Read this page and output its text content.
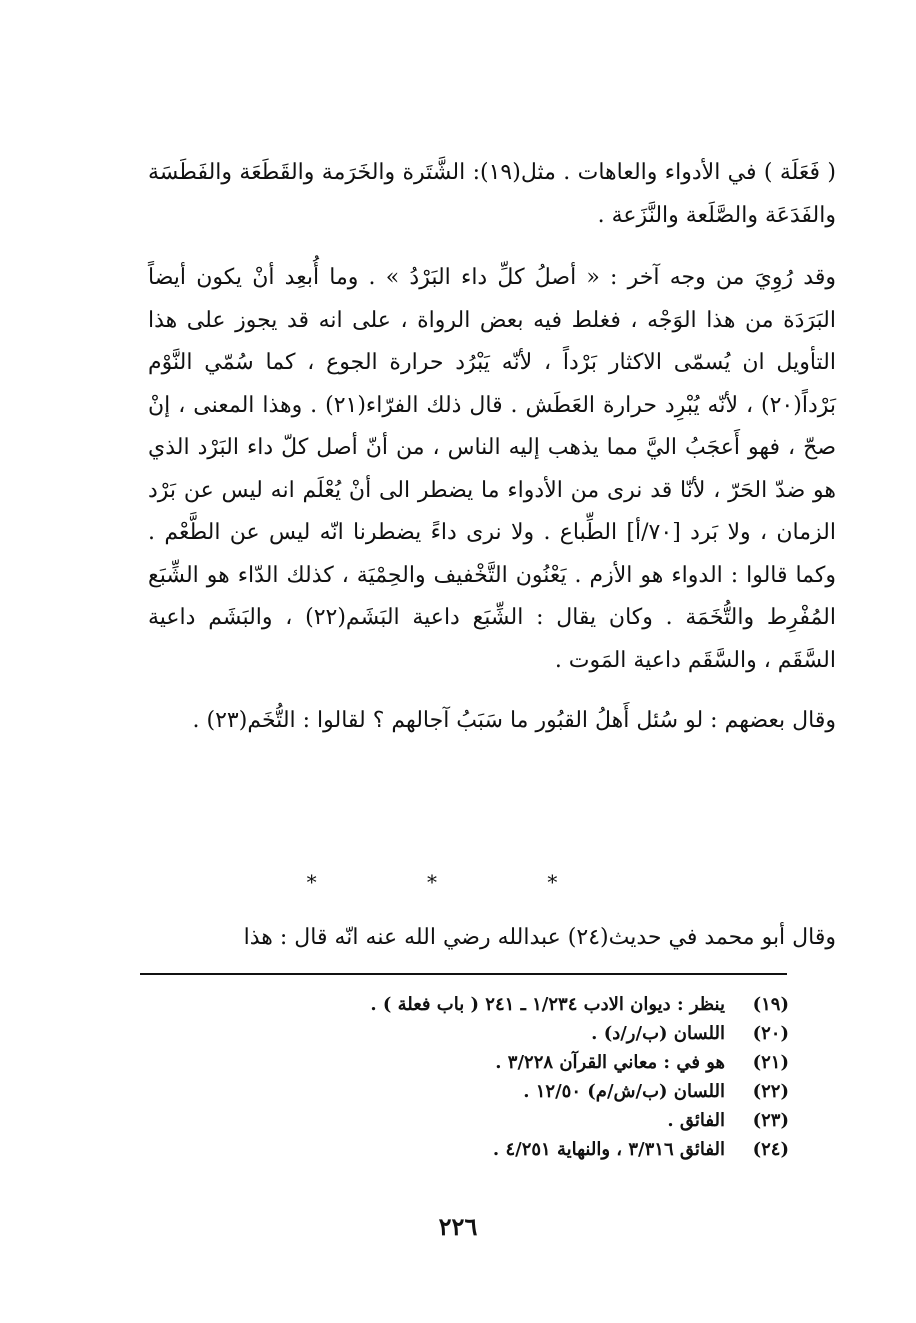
( فَعَلَة ) في الأدواء والعاهات . مثل(١٩): الشَّتَرة والخَرَمة والقَطَعَة والفَطَسَة والفَدَعَة والصَّلَعة والنَّزَعة .

وقد رُوِيَ من وجه آخر : « أصلُ كلِّ داء البَرْدُ » . وما أُبعِد أنْ يكون أيضاً البَرَدَة من هذا الوَجْه ، فغلط فيه بعض الرواة ، على انه قد يجوز على هذا التأويل ان يُسمّى الاكثار بَرْداً ، لأنّه يَبْرُد حرارة الجوع ، كما سُمّي النَّوْم بَرْداً(٢٠) ، لأنّه يُبْرِد حرارة العَطَش . قال ذلك الفرّاء(٢١) . وهذا المعنى ، إنْ صحّ ، فهو أَعجَبُ اليَّ مما يذهب إليه الناس ، من أنّ أصل كلّ داء البَرْد الذي هو ضدّ الحَرّ ، لأنّا قد نرى من الأدواء ما يضطر الى أنْ يُعْلَم انه ليس عن بَرْد الزمان ، ولا بَرد [٧٠/أ] الطِّباع . ولا نرى داءً يضطرنا انّه ليس عن الطَّعْم . وكما قالوا : الدواء هو الأزم . يَعْنُون التَّخْفيف والحِمْيَة ، كذلك الدّاء هو الشِّبَع المُفْرِط والتُّخَمَة . وكان يقال : الشِّبَع داعية البَشَم(٢٢) ، والبَشَم داعية السَّقَم ، والسَّقَم داعية المَوت .

وقال بعضهم : لو سُئل أَهلُ القبُور ما سَبَبُ آجالهم ؟ لقالوا : التُّخَم(٢٣) .

* * *
وقال أبو محمد في حديث(٢٤) عبدالله رضي الله عنه انّه قال : هذا
(١٩)
ينظر : ديوان الادب ١/٢٣٤ ـ ٢٤١ ( باب فعلة ) .
(٢٠)
اللسان (ب/ر/د) .
(٢١)
هو في : معاني القرآن ٣/٢٢٨ .
(٢٢)
اللسان (ب/ش/م) ١٢/٥٠ .
(٢٣)
الفائق .
(٢٤)
الفائق ٣/٣١٦ ، والنهاية ٤/٢٥١ .
٢٢٦
